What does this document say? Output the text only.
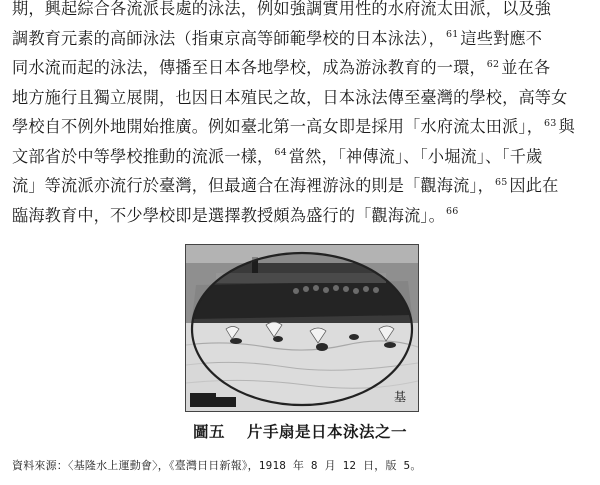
期，興起綜合各流派長處的泳法，例如強調實用性的水府流太田派，以及強
調教育元素的高師泳法（指東京高等師範學校的日本泳法），$^{61}$ 這些對應不
同水流而起的泳法，傳播至日本各地學校，成為游泳教育的一環，$^{62}$ 並在各
地方施行且獨立展開，也因日本殖民之故，日本泳法傳至臺灣的學校，高等女
學校自不例外地開始推廣。例如臺北第一高女即是採用「水府流太田派」，$^{63}$ 與
文部省於中等學校推動的流派一樣，$^{64}$ 當然，「神傳流」、「小堀流」、「千歲
流」等流派亦流行於臺灣，但最適合在海裡游泳的則是「觀海流」，$^{65}$ 因此在
臨海教育中，不少學校即是選擇教授頗為盛行的「觀海流」。$^{66}$
基
圖五 片手扇是日本泳法之一
資料來源：〈基隆水上運動會〉，《臺灣日日新報》，1918 年 8 月 12 日，版 5。
